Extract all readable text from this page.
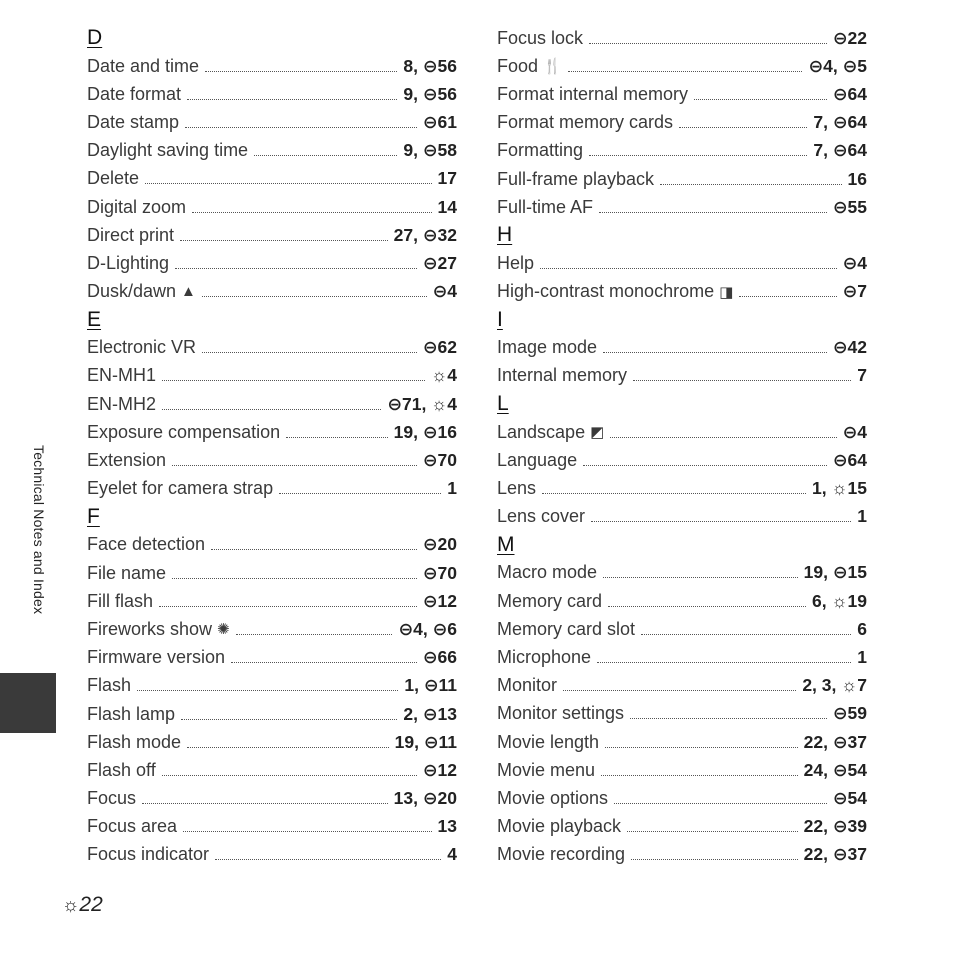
D
Date and time	8, ⊖56
Date format	9, ⊖56
Date stamp	⊖61
Daylight saving time	9, ⊖58
Delete	17
Digital zoom	14
Direct print	27, ⊖32
D-Lighting	⊖27
Dusk/dawn ▲	⊖4
E
Electronic VR	⊖62
EN-MH1	☼4
EN-MH2	⊖71, ☼4
Exposure compensation	19, ⊖16
Extension	⊖70
Eyelet for camera strap	1
F
Face detection	⊖20
File name	⊖70
Fill flash	⊖12
Fireworks show ✺	⊖4, ⊖6
Firmware version	⊖66
Flash	1, ⊖11
Flash lamp	2, ⊖13
Flash mode	19, ⊖11
Flash off	⊖12
Focus	13, ⊖20
Focus area	13
Focus indicator	4
Focus lock	⊖22
Food 🍴	⊖4, ⊖5
Format internal memory	⊖64
Format memory cards	7, ⊖64
Formatting	7, ⊖64
Full-frame playback	16
Full-time AF	⊖55
H
Help	⊖4
High-contrast monochrome ◨	⊖7
I
Image mode	⊖42
Internal memory	7
L
Landscape ◩	⊖4
Language	⊖64
Lens	1, ☼15
Lens cover	1
M
Macro mode	19, ⊖15
Memory card	6, ☼19
Memory card slot	6
Microphone	1
Monitor	2, 3, ☼7
Monitor settings	⊖59
Movie length	22, ⊖37
Movie menu	24, ⊖54
Movie options	⊖54
Movie playback	22, ⊖39
Movie recording	22, ⊖37
Technical Notes and Index
☼22
